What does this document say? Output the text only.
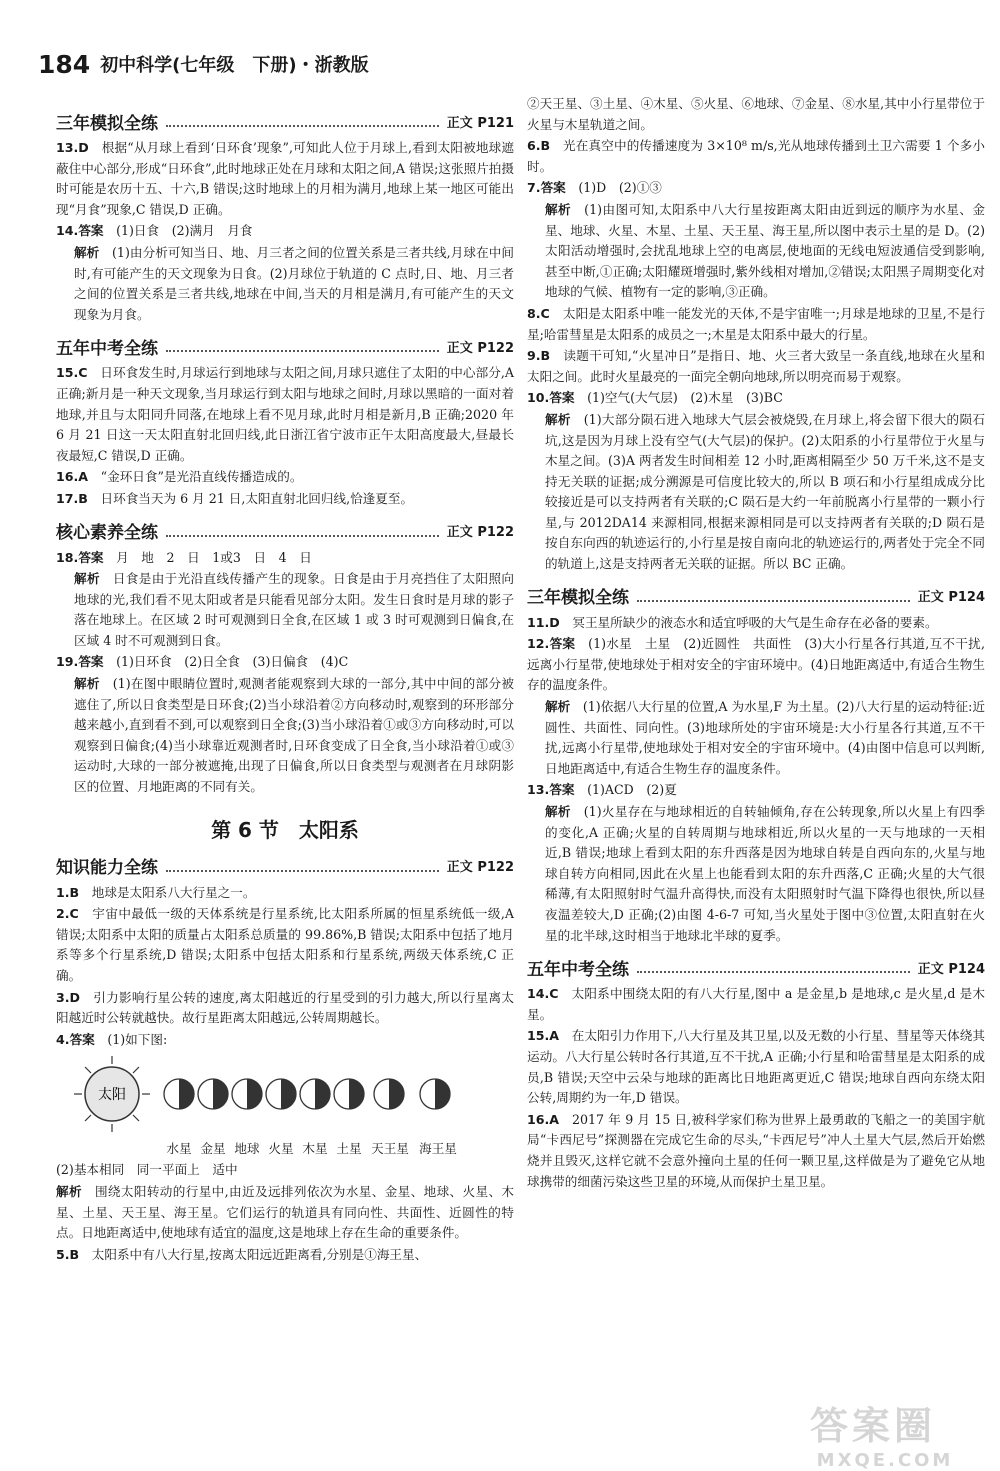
184 初中科学(七年级　下册)・浙教版
三年模拟全练	正文 P121

13.D　 根据“从月球上看到‘日环食’现象”,可知此人位于月球上,看到太阳被地球遮蔽住中心部分,形成“日环食”,此时地球正处在月球和太阳之间,A 错误;这张照片拍摄时可能是农历十五、十六,B 错误;这时地球上的月相为满月,地球上某一地区可能出现“月食”现象,C 错误,D 正确。

14.答案　 (1)日食　(2)满月　月食

解析　 (1)由分析可知当日、地、月三者之间的位置关系是三者共线,月球在中间时,有可能产生的天文现象为日食。(2)月球位于轨道的 C 点时,日、地、月三者之间的位置关系是三者共线,地球在中间,当天的月相是满月,有可能产生的天文现象为月食。

五年中考全练	正文 P122

15.C　 日环食发生时,月球运行到地球与太阳之间,月球只遮住了太阳的中心部分,A 正确;新月是一种天文现象,当月球运行到太阳与地球之间时,月球以黑暗的一面对着地球,并且与太阳同升同落,在地球上看不见月球,此时月相是新月,B 正确;2020 年 6 月 21 日这一天太阳直射北回归线,此日浙江省宁波市正午太阳高度最大,昼最长夜最短,C 错误,D 正确。

16.A　 “金环日食”是光沿直线传播造成的。

17.B　 日环食当天为 6 月 21 日,太阳直射北回归线,恰逢夏至。

核心素养全练	正文 P122

18.答案　 月　地　2　日　1或3　日　4　日

解析　 日食是由于光沿直线传播产生的现象。日食是由于月亮挡住了太阳照向地球的光,我们看不见太阳或者是只能看见部分太阳。发生日食时是月球的影子落在地球上。在区域 2 时可观测到日全食,在区域 1 或 3 时可观测到日偏食,在区域 4 时不可观测到日食。

19.答案　 (1)日环食　(2)日全食　(3)日偏食　(4)C

解析　 (1)在图中眼睛位置时,观测者能观察到大球的一部分,其中中间的部分被遮住了,所以日食类型是日环食;(2)当小球沿着②方向移动时,观察到的环形部分越来越小,直到看不到,可以观察到日全食;(3)当小球沿着①或③方向移动时,可以观察到日偏食;(4)当小球靠近观测者时,日环食变成了日全食,当小球沿着①或③运动时,大球的一部分被遮掩,出现了日偏食,所以日食类型与观测者在月球阴影区的位置、月地距离的不同有关。

第 6 节　太阳系
知识能力全练	正文 P122

1.B　 地球是太阳系八大行星之一。

2.C　 宇宙中最低一级的天体系统是行星系统,比太阳系所属的恒星系统低一级,A 错误;太阳系中太阳的质量占太阳系总质量的 99.86%,B 错误;太阳系中包括了地月系等多个行星系统,D 错误;太阳系中包括太阳系和行星系统,两级天体系统,C 正确。

3.D　 引力影响行星公转的速度,离太阳越近的行星受到的引力越大,所以行星离太阳越近时公转就越快。故行星距离太阳越远,公转周期越长。

4.答案　 (1)如下图:

太阳
水星 金星 地球 火星 木星 土星 天王星 海王星

(2)基本相同　同一平面上　适中

解析　 围绕太阳转动的行星中,由近及远排列依次为水星、金星、地球、火星、木星、土星、天王星、海王星。它们运行的轨道具有同向性、共面性、近圆性的特点。日地距离适中,使地球有适宜的温度,这是地球上存在生命的重要条件。

5.B　 太阳系中有八大行星,按离太阳远近距离看,分别是①海王星、

②天王星、③土星、④木星、⑤火星、⑥地球、⑦金星、⑧水星,其中小行星带位于火星与木星轨道之间。

6.B　 光在真空中的传播速度为 3×10⁸ m/s,光从地球传播到土卫六需要 1 个多小时。

7.答案　 (1)D　(2)①③

解析　 (1)由图可知,太阳系中八大行星按距离太阳由近到远的顺序为水星、金星、地球、火星、木星、土星、天王星、海王星,所以图中表示土星的是 D。(2)太阳活动增强时,会扰乱地球上空的电离层,使地面的无线电短波通信受到影响,甚至中断,①正确;太阳耀斑增强时,紫外线相对增加,②错误;太阳黑子周期变化对地球的气候、植物有一定的影响,③正确。

8.C　 太阳是太阳系中唯一能发光的天体,不是宇宙唯一;月球是地球的卫星,不是行星;哈雷彗星是太阳系的成员之一;木星是太阳系中最大的行星。

9.B　 读题干可知,“火星冲日”是指日、地、火三者大致呈一条直线,地球在火星和太阳之间。此时火星最亮的一面完全朝向地球,所以明亮而易于观察。

10.答案　 (1)空气(大气层)　(2)木星　(3)BC

解析　 (1)大部分陨石进入地球大气层会被烧毁,在月球上,将会留下很大的陨石坑,这是因为月球上没有空气(大气层)的保护。(2)太阳系的小行星带位于火星与木星之间。(3)A 两者发生时间相差 12 小时,距离相隔至少 50 万千米,这不是支持无关联的证据;成分溯源是可信度比较大的,所以 B 项石和小行星组成成分比较接近是可以支持两者有关联的;C 陨石是大约一年前脱离小行星带的一颗小行星,与 2012DA14 来源相同,根据来源相同是可以支持两者有关联的;D 陨石是按自东向西的轨迹运行的,小行星是按自南向北的轨迹运行的,两者处于完全不同的轨道上,这是支持两者无关联的证据。所以 BC 正确。

三年模拟全练	正文 P124

11.D　 冥王星所缺少的液态水和适宜呼吸的大气是生命存在必备的要素。

12.答案　 (1)水星　土星　(2)近圆性　共面性　(3)大小行星各行其道,互不干扰,远离小行星带,使地球处于相对安全的宇宙环境中。(4)日地距离适中,有适合生物生存的温度条件。

解析　 (1)依据八大行星的位置,A 为水星,F 为土星。(2)八大行星的运动特征:近圆性、共面性、同向性。(3)地球所处的宇宙环境是:大小行星各行其道,互不干扰,远离小行星带,使地球处于相对安全的宇宙环境中。(4)由图中信息可以判断,日地距离适中,有适合生物生存的温度条件。

13.答案　 (1)ACD　(2)夏

解析　 (1)火星存在与地球相近的自转轴倾角,存在公转现象,所以火星上有四季的变化,A 正确;火星的自转周期与地球相近,所以火星的一天与地球的一天相近,B 错误;地球上看到太阳的东升西落是因为地球自转是自西向东的,火星与地球自转方向相同,因此在火星上也能看到太阳的东升西落,C 正确;火星的大气很稀薄,有太阳照射时气温升高得快,而没有太阳照射时气温下降得也很快,所以昼夜温差较大,D 正确;(2)由图 4-6-7 可知,当火星处于图中③位置,太阳直射在火星的北半球,这时相当于地球北半球的夏季。

五年中考全练	正文 P124

14.C　 太阳系中围绕太阳的有八大行星,图中 a 是金星,b 是地球,c 是火星,d 是木星。

15.A　 在太阳引力作用下,八大行星及其卫星,以及无数的小行星、彗星等天体绕其运动。八大行星公转时各行其道,互不干扰,A 正确;小行星和哈雷彗星是太阳系的成员,B 错误;天空中云朵与地球的距离比日地距离更近,C 错误;地球自西向东绕太阳公转,周期约为一年,D 错误。

16.A　 2017 年 9 月 15 日,被科学家们称为世界上最勇敢的飞船之一的美国宇航局“卡西尼号”探测器在完成它生命的尽头,“卡西尼号”冲人土星大气层,然后开始燃烧并且毁灭,这样它就不会意外撞向土星的任何一颗卫星,这样做是为了避免它从地球携带的细菌污染这些卫星的环境,从而保护土星卫星。

答案圈
MXQE.COM
